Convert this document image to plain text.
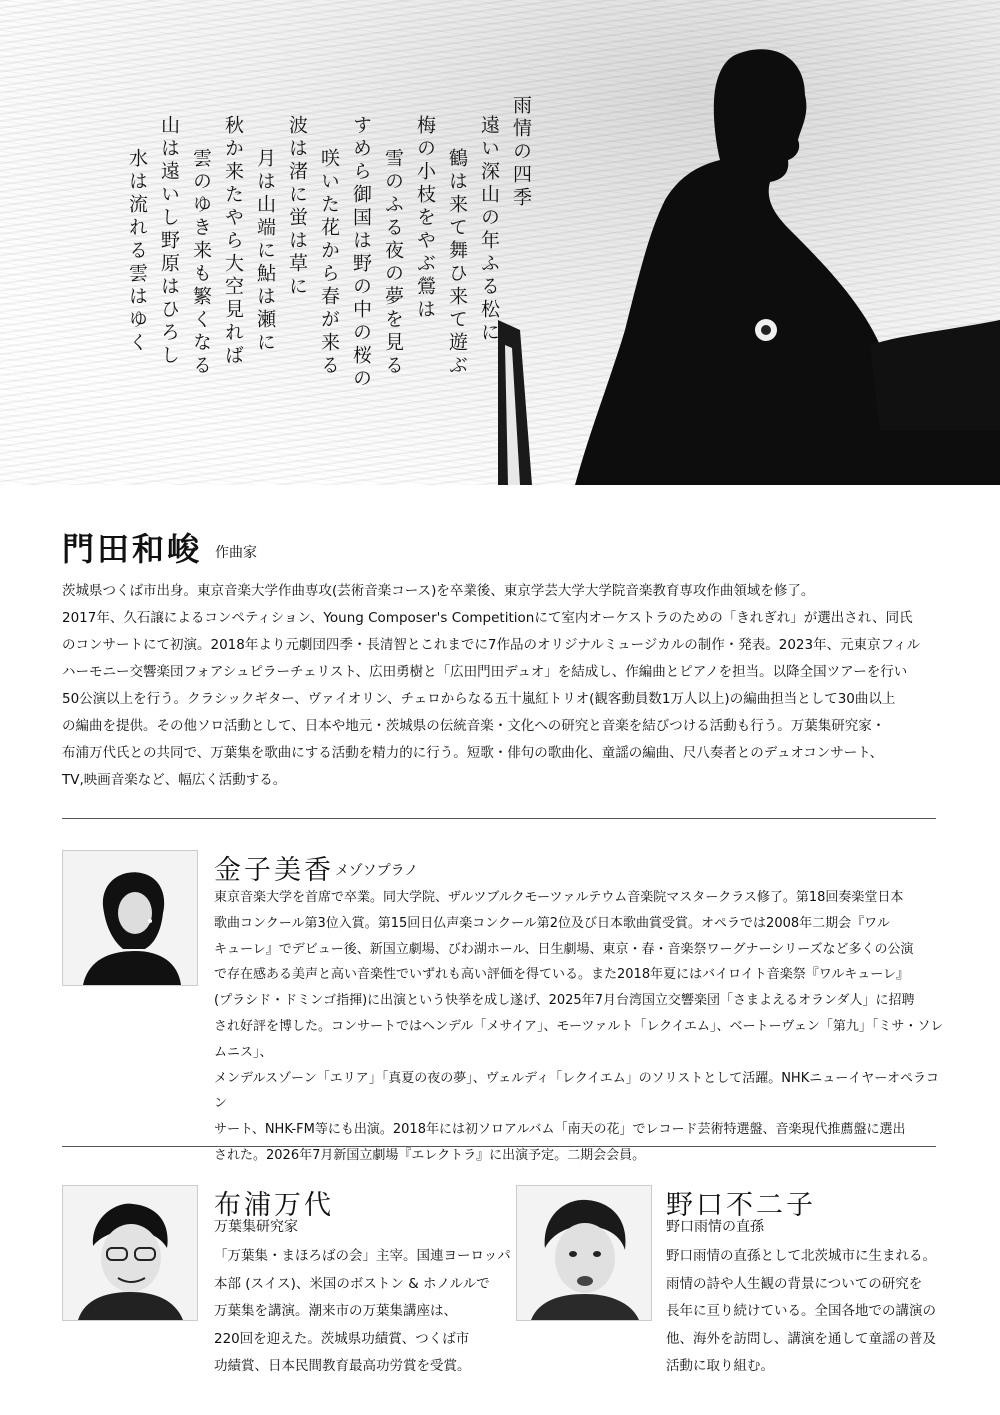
雨情の四季
遠い深山の年ふる松に
鶴は来て舞ひ来て遊ぶ
梅の小枝をやぶ鶯は
雪のふる夜の夢を見る
すめら御国は野の中の桜の
咲いた花から春が来る
波は渚に蛍は草に
月は山端に鮎は瀬に
秋か来たやら大空見れば
雲のゆき来も繁くなる
山は遠いし野原はひろし
水は流れる雲はゆく
門田和峻 作曲家
茨城県つくば市出身。東京音楽大学作曲専攻(芸術音楽コース)を卒業後、東京学芸大学大学院音楽教育専攻作曲領域を修了。
2017年、久石譲によるコンペティション、Young Composer's Competitionにて室内オーケストラのための「きれぎれ」が選出され、同氏
のコンサートにて初演。2018年より元劇団四季・長清智とこれまでに7作品のオリジナルミュージカルの制作・発表。2023年、元東京フィル
ハーモニー交響楽団フォアシュピラーチェリスト、広田勇樹と「広田門田デュオ」を結成し、作編曲とピアノを担当。以降全国ツアーを行い
50公演以上を行う。クラシックギター、ヴァイオリン、チェロからなる五十嵐紅トリオ(観客動員数1万人以上)の編曲担当として30曲以上
の編曲を提供。その他ソロ活動として、日本や地元・茨城県の伝統音楽・文化への研究と音楽を結びつける活動も行う。万葉集研究家・
布浦万代氏との共同で、万葉集を歌曲にする活動を精力的に行う。短歌・俳句の歌曲化、童謡の編曲、尺八奏者とのデュオコンサート、
TV,映画音楽など、幅広く活動する。
金子美香 メゾソプラノ
東京音楽大学を首席で卒業。同大学院、ザルツブルクモーツァルテウム音楽院マスタークラス修了。第18回奏楽堂日本
歌曲コンクール第3位入賞。第15回日仏声楽コンクール第2位及び日本歌曲賞受賞。オペラでは2008年二期会『ワル
キューレ』でデビュー後、新国立劇場、びわ湖ホール、日生劇場、東京・春・音楽祭ワーグナーシリーズなど多くの公演
で存在感ある美声と高い音楽性でいずれも高い評価を得ている。また2018年夏にはバイロイト音楽祭『ワルキューレ』
(プラシド・ドミンゴ指揮)に出演という快挙を成し遂げ、2025年7月台湾国立交響楽団「さまよえるオランダ人」に招聘
され好評を博した。コンサートではヘンデル「メサイア」、モーツァルト「レクイエム」、ベートーヴェン「第九」「ミサ・ソレムニス」、
メンデルスゾーン「エリア」「真夏の夜の夢」、ヴェルディ「レクイエム」のソリストとして活躍。NHKニューイヤーオペラコン
サート、NHK-FM等にも出演。2018年には初ソロアルバム「南天の花」でレコード芸術特選盤、音楽現代推薦盤に選出
された。2026年7月新国立劇場『エレクトラ』に出演予定。二期会会員。
布浦万代
万葉集研究家
「万葉集・まほろばの会」主宰。国連ヨーロッパ
本部 (スイス)、米国のボストン & ホノルルで
万葉集を講演。潮来市の万葉集講座は、
220回を迎えた。茨城県功績賞、つくば市
功績賞、日本民間教育最高功労賞を受賞。
野口不二子
野口雨情の直孫
野口雨情の直孫として北茨城市に生まれる。
雨情の詩や人生観の背景についての研究を
長年に亘り続けている。全国各地での講演の
他、海外を訪問し、講演を通して童謡の普及
活動に取り組む。
